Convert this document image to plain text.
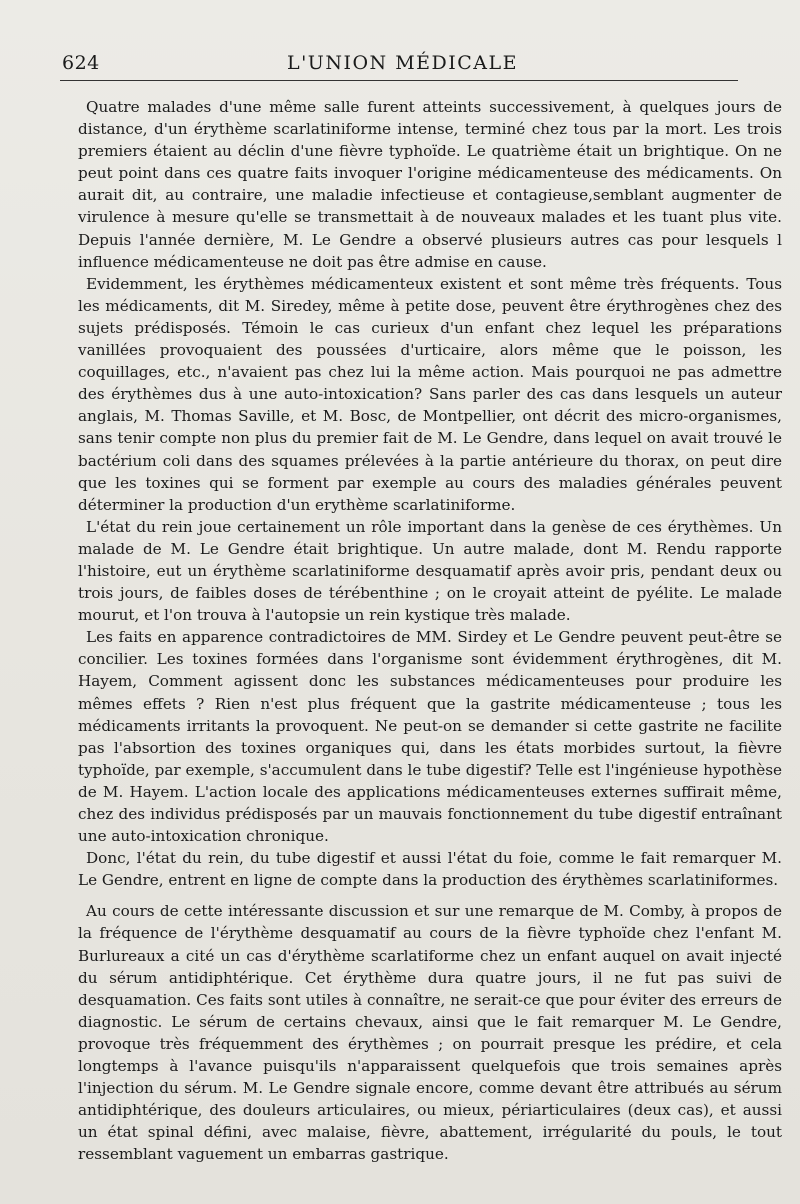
624	L'UNION MÉDICALE

Quatre malades d'une même salle furent atteints successivement, à quelques jours de distance, d'un érythème scarlatiniforme intense, terminé chez tous par la mort. Les trois premiers étaient au déclin d'une fièvre typhoïde. Le quatrième était un brightique. On ne peut point dans ces quatre faits invoquer l'origine médicamenteuse des médicaments. On aurait dit, au contraire, une maladie infectieuse et contagieuse,semblant augmenter de virulence à mesure qu'elle se transmettait à de nouveaux malades et les tuant plus vite. Depuis l'année dernière, M. Le Gendre a observé plusieurs autres cas pour lesquels l influence médicamenteuse ne doit pas être admise en cause.

Evidemment, les érythèmes médicamenteux existent et sont même très fréquents. Tous les médicaments, dit M. Siredey, même à petite dose, peuvent être érythrogènes chez des sujets prédisposés. Témoin le cas curieux d'un enfant chez lequel les préparations vanillées provoquaient des poussées d'urticaire, alors même que le poisson, les coquillages, etc., n'avaient pas chez lui la même action. Mais pourquoi ne pas admettre des érythèmes dus à une auto-intoxication? Sans parler des cas dans lesquels un auteur anglais, M. Thomas Saville, et M. Bosc, de Montpellier, ont décrit des micro-organismes, sans tenir compte non plus du premier fait de M. Le Gendre, dans lequel on avait trouvé le bactérium coli dans des squames prélevées à la partie antérieure du thorax, on peut dire que les toxines qui se forment par exemple au cours des maladies générales peuvent déterminer la production d'un erythème scarlatiniforme.

L'état du rein joue certainement un rôle important dans la genèse de ces érythèmes. Un malade de M. Le Gendre était brightique. Un autre malade, dont M. Rendu rapporte l'histoire, eut un érythème scarlatiniforme desquamatif après avoir pris, pendant deux ou trois jours, de faibles doses de térébenthine ; on le croyait atteint de pyélite. Le malade mourut, et l'on trouva à l'autopsie un rein kystique très malade.

Les faits en apparence contradictoires de MM. Sirdey et Le Gendre peuvent peut-être se concilier. Les toxines formées dans l'organisme sont évidemment érythrogènes, dit M. Hayem, Comment agissent donc les substances médicamenteuses pour produire les mêmes effets ? Rien n'est plus fréquent que la gastrite médicamenteuse ; tous les médicaments irritants la provoquent. Ne peut-on se demander si cette gastrite ne facilite pas l'absortion des toxines organiques qui, dans les états morbides surtout, la fièvre typhoïde, par exemple, s'accumulent dans le tube digestif? Telle est l'ingénieuse hypothèse de M. Hayem. L'action locale des applications médicamenteuses externes suffirait même, chez des individus prédisposés par un mauvais fonctionnement du tube digestif entraînant une auto-intoxication chronique.

Donc, l'état du rein, du tube digestif et aussi l'état du foie, comme le fait remarquer M. Le Gendre, entrent en ligne de compte dans la production des érythèmes scarlatiniformes.

Au cours de cette intéressante discussion et sur une remarque de M. Comby, à propos de la fréquence de l'érythème desquamatif au cours de la fièvre typhoïde chez l'enfant M. Burlureaux a cité un cas d'érythème scarlatiforme chez un enfant auquel on avait injecté du sérum antidiphtérique. Cet érythème dura quatre jours, il ne fut pas suivi de desquamation. Ces faits sont utiles à connaître, ne serait-ce que pour éviter des erreurs de diagnostic. Le sérum de certains chevaux, ainsi que le fait remarquer M. Le Gendre, provoque très fréquemment des érythèmes ; on pourrait presque les prédire, et cela longtemps à l'avance puisqu'ils n'apparaissent quelquefois que trois semaines après l'injection du sérum. M. Le Gendre signale encore, comme devant être attribués au sérum antidiphtérique, des douleurs articulaires, ou mieux, périarticulaires (deux cas), et aussi un état spinal défini, avec malaise, fièvre, abattement, irrégularité du pouls, le tout ressemblant vaguement un embarras gastrique.
